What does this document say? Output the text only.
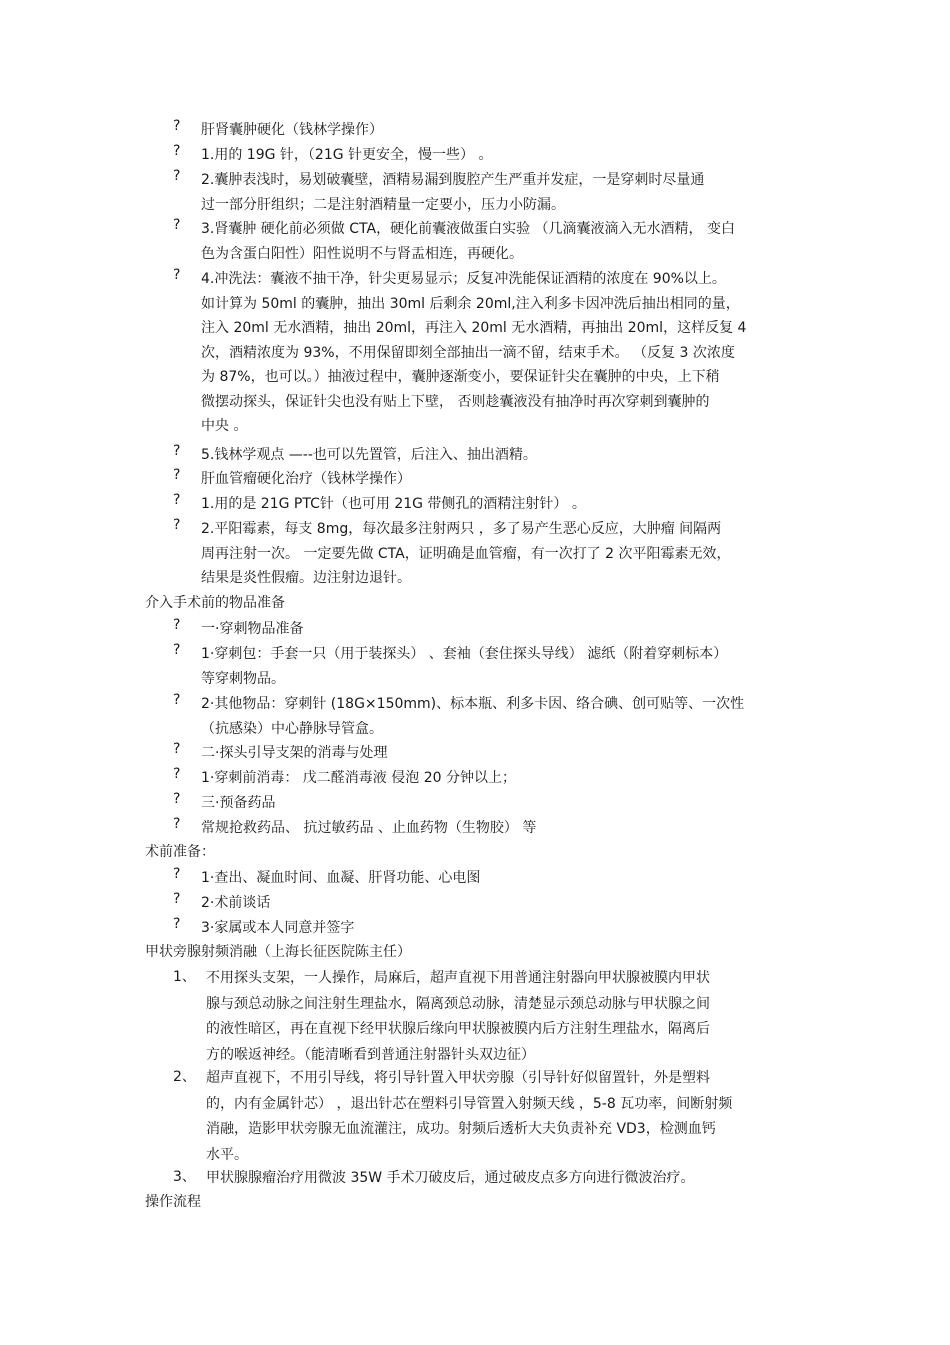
?	肝肾囊肿硬化（钱林学操作）
?	1.用的 19G 针，（21G 针更安全，慢一些） 。
?	2.囊肿表浅时，易划破囊壁，酒精易漏到腹腔产生严重并发症，一是穿刺时尽量通
过一部分肝组织；二是注射酒精量一定要小，压力小防漏。
?	3.肾囊肿 硬化前必须做 CTA，硬化前囊液做蛋白实验 （几滴囊液滴入无水酒精， 变白
色为含蛋白阳性）阳性说明不与肾盂相连，再硬化。
?	4.冲洗法：囊液不抽干净，针尖更易显示；反复冲洗能保证酒精的浓度在 90%以上。
如计算为 50ml 的囊肿，抽出 30ml 后剩余 20ml,注入利多卡因冲洗后抽出相同的量，
注入 20ml 无水酒精，抽出 20ml，再注入 20ml 无水酒精，再抽出 20ml，这样反复 4
次，酒精浓度为 93%，不用保留即刻全部抽出一滴不留，结束手术。 （反复 3 次浓度
为 87%，也可以。）抽液过程中，囊肿逐渐变小，要保证针尖在囊肿的中央，上下稍
微摆动探头，保证针尖也没有贴上下壁， 否则趁囊液没有抽净时再次穿刺到囊肿的
中央 。
?	5.钱林学观点 —--也可以先置管，后注入、抽出酒精。
?	肝血管瘤硬化治疗（钱林学操作）
?	1.用的是 21G PTC针（也可用 21G 带侧孔的酒精注射针） 。
?	2.平阳霉素，每支 8mg，每次最多注射两只 ，多了易产生恶心反应，大肿瘤 间隔两
周再注射一次。 一定要先做 CTA，证明确是血管瘤，有一次打了 2 次平阳霉素无效，
结果是炎性假瘤。边注射边退针。
介入手术前的物品准备
?	一·穿刺物品准备
?	1·穿刺包：手套一只（用于装探头） 、套袖（套住探头导线） 滤纸（附着穿刺标本）
等穿刺物品。
?	2·其他物品：穿刺针 (18G×150mm)、标本瓶、利多卡因、络合碘、创可贴等、一次性
（抗感染）中心静脉导管盒。
?	二·探头引导支架的消毒与处理
?	1·穿刺前消毒： 戊二醛消毒液 侵泡 20 分钟以上；
?	三·预备药品
?	常规抢救药品、 抗过敏药品 、止血药物（生物胶） 等
术前准备：
?	1·查出、凝血时间、血凝、肝肾功能、心电图
?	2·术前谈话
?	3·家属或本人同意并签字
甲状旁腺射频消融（上海长征医院陈主任）
1、 不用探头支架，一人操作，局麻后，超声直视下用普通注射器向甲状腺被膜内甲状
腺与颈总动脉之间注射生理盐水，隔离颈总动脉，清楚显示颈总动脉与甲状腺之间
的液性暗区，再在直视下经甲状腺后缘向甲状腺被膜内后方注射生理盐水，隔离后
方的喉返神经。（能清晰看到普通注射器针头双边征）
2、 超声直视下，不用引导线，将引导针置入甲状旁腺（引导针好似留置针，外是塑料
的，内有金属针芯） ，退出针芯在塑料引导管置入射频天线 ，5-8 瓦功率，间断射频
消融，造影甲状旁腺无血流灌注，成功。射频后透析大夫负责补充 VD3，检测血钙
水平。
3、 甲状腺腺瘤治疗用微波 35W 手术刀破皮后，通过破皮点多方向进行微波治疗。
操作流程
